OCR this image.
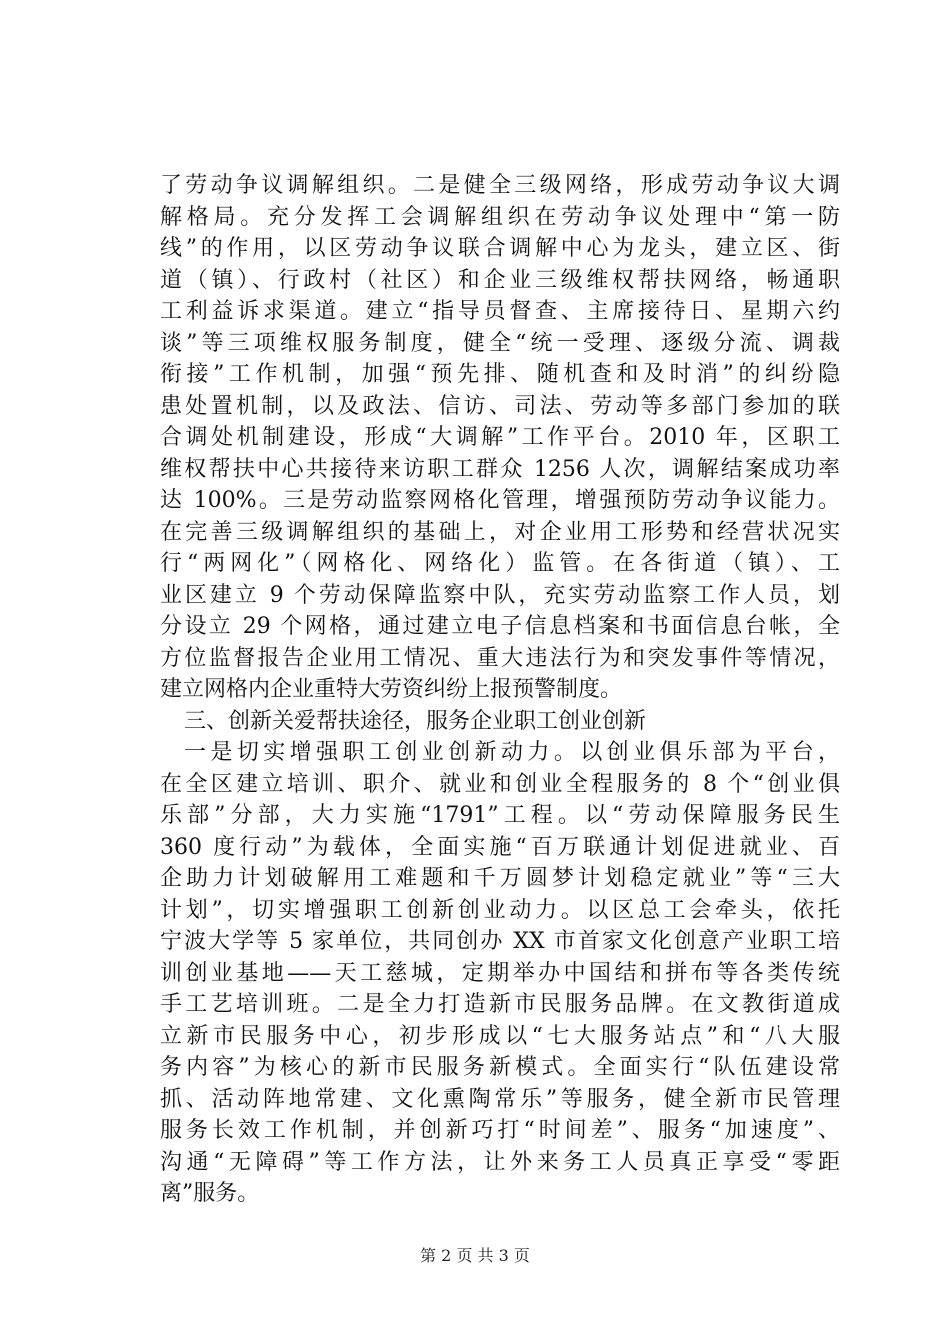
了劳动争议调解组织。二是健全三级网络，形成劳动争议大调
解格局。充分发挥工会调解组织在劳动争议处理中“第一防
线”的作用，以区劳动争议联合调解中心为龙头，建立区、街
道（镇）、行政村（社区）和企业三级维权帮扶网络，畅通职
工利益诉求渠道。建立“指导员督查、主席接待日、星期六约
谈”等三项维权服务制度，健全“统一受理、逐级分流、调裁
衔接”工作机制，加强“预先排、随机查和及时消”的纠纷隐
患处置机制，以及政法、信访、司法、劳动等多部门参加的联
合调处机制建设，形成“大调解”工作平台。2010 年，区职工
维权帮扶中心共接待来访职工群众 1256 人次，调解结案成功率
达 100%。三是劳动监察网格化管理，增强预防劳动争议能力。
在完善三级调解组织的基础上，对企业用工形势和经营状况实
行“两网化”（网格化、网络化）监管。在各街道（镇）、工
业区建立 9 个劳动保障监察中队，充实劳动监察工作人员，划
分设立 29 个网格，通过建立电子信息档案和书面信息台帐，全
方位监督报告企业用工情况、重大违法行为和突发事件等情况，
建立网格内企业重特大劳资纠纷上报预警制度。
三、创新关爱帮扶途径，服务企业职工创业创新
一是切实增强职工创业创新动力。以创业俱乐部为平台，
在全区建立培训、职介、就业和创业全程服务的 8 个“创业俱
乐部”分部，大力实施“1791”工程。以“劳动保障服务民生
360 度行动”为载体，全面实施“百万联通计划促进就业、百
企助力计划破解用工难题和千万圆梦计划稳定就业”等“三大
计划”，切实增强职工创新创业动力。以区总工会牵头，依托
宁波大学等 5 家单位，共同创办 XX 市首家文化创意产业职工培
训创业基地——天工慈城，定期举办中国结和拼布等各类传统
手工艺培训班。二是全力打造新市民服务品牌。在文教街道成
立新市民服务中心，初步形成以“七大服务站点”和“八大服
务内容”为核心的新市民服务新模式。全面实行“队伍建设常
抓、活动阵地常建、文化熏陶常乐”等服务，健全新市民管理
服务长效工作机制，并创新巧打“时间差”、服务“加速度”、
沟通“无障碍”等工作方法，让外来务工人员真正享受“零距
离”服务。
第 2 页 共 3 页
